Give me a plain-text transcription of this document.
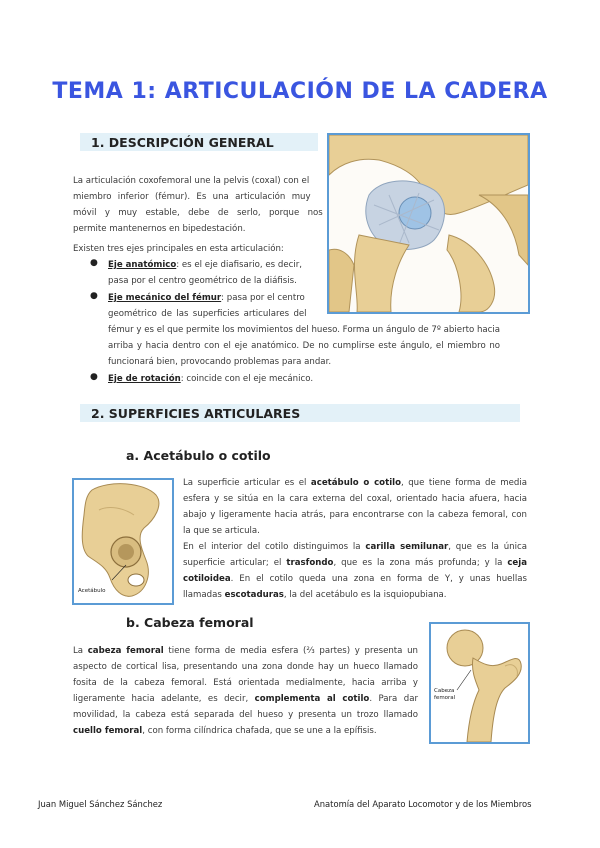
TEMA 1: ARTICULACIÓN DE LA CADERA
1. DESCRIPCIÓN GENERAL
La articulación coxofemoral une la pelvis (coxal) con el
miembro inferior (fémur). Es una articulación muy
móvil y muy estable, debe de serlo, porque nos
permite mantenernos en bipedestación.
Existen tres ejes principales en esta articulación:
● Eje anatómico: es el eje diafisario, es decir,
pasa por el centro geométrico de la diáfisis.
● Eje mecánico del fémur: pasa por el centro
geométrico de las superficies articulares del
fémur y es el que permite los movimientos del hueso. Forma un ángulo de 7º abierto hacia
arriba y hacia dentro con el eje anatómico. De no cumplirse este ángulo, el miembro no
funcionará bien, provocando problemas para andar.
● Eje de rotación: coincide con el eje mecánico.
2. SUPERFICIES ARTICULARES
a. Acetábulo o cotilo
Acetábulo

La superficie articular es el acetábulo o cotilo, que tiene forma de media esfera y se sitúa en la cara externa del coxal, orientado hacia afuera, hacia abajo y ligeramente hacia atrás, para encontrarse con la cabeza femoral, con la que se articula.

En el interior del cotilo distinguimos la carilla semilunar, que es la única superficie articular; el trasfondo, que es la zona más profunda; y la ceja cotiloidea. En el cotilo queda una zona en forma de Y, y unas huellas llamadas escotaduras, la del acetábulo es la isquiopubiana.

b. Cabeza femoral

La cabeza femoral tiene forma de media esfera (⅔ partes) y presenta un aspecto de cortical lisa, presentando una zona donde hay un hueco llamado fosita de la cabeza femoral. Está orientada medialmente, hacia arriba y ligeramente hacia adelante, es decir, complementa al cotilo. Para dar movilidad, la cabeza está separada del hueso y presenta un trozo llamado cuello femoral, con forma cilíndrica chafada, que se une a la epífisis.

Cabeza
femoral
Juan Miguel Sánchez Sánchez	Anatomía del Aparato Locomotor y de los Miembros
